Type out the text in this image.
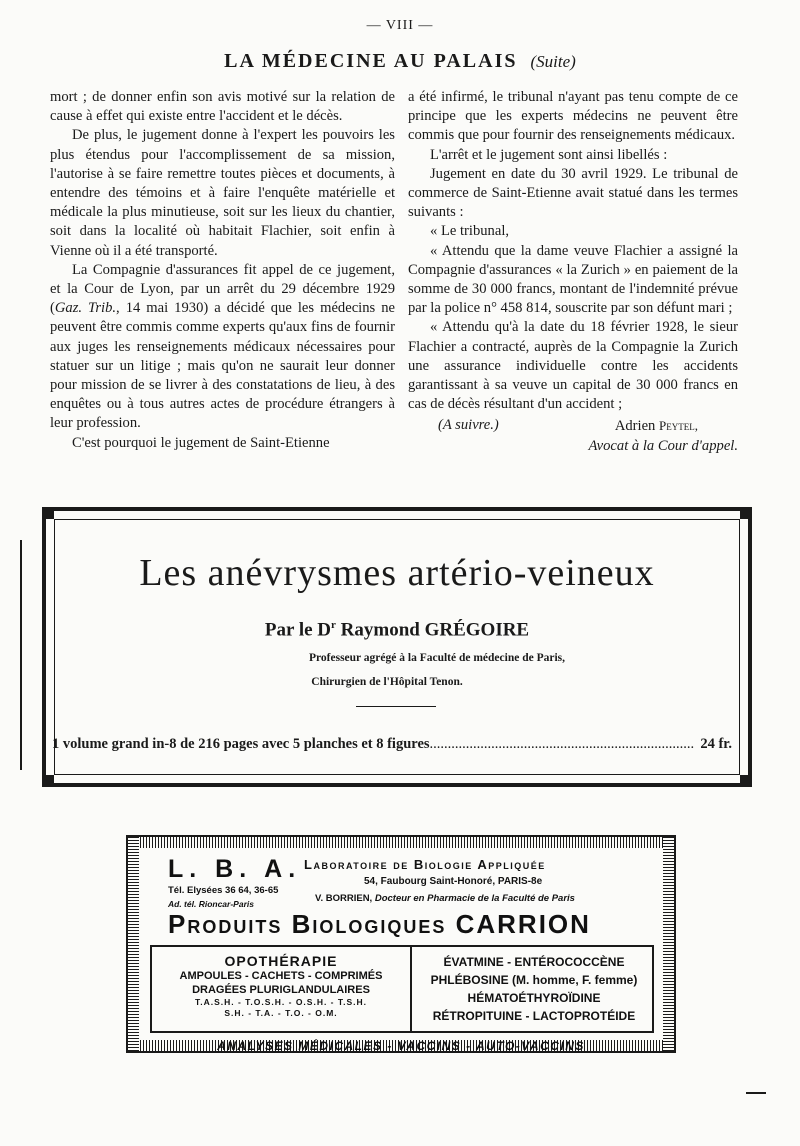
— VIII —
LA MÉDECINE AU PALAIS (Suite)

mort ; de donner enfin son avis motivé sur la relation de cause à effet qui existe entre l'accident et le décès.

De plus, le jugement donne à l'expert les pouvoirs les plus étendus pour l'accomplissement de sa mission, l'autorise à se faire remettre toutes pièces et documents, à entendre des témoins et à faire l'enquête matérielle et médicale la plus minutieuse, soit sur les lieux du chantier, soit dans la localité où habitait Flachier, soit enfin à Vienne où il a été transporté.

La Compagnie d'assurances fit appel de ce jugement, et la Cour de Lyon, par un arrêt du 29 décembre 1929 (Gaz. Trib., 14 mai 1930) a décidé que les médecins ne peuvent être commis comme experts qu'aux fins de fournir aux juges les renseignements médicaux nécessaires pour statuer sur un litige ; mais qu'on ne saurait leur donner pour mission de se livrer à des constatations de lieu, à des enquêtes ou à tous autres actes de procédure étrangers à leur profession.

C'est pourquoi le jugement de Saint-Etienne

a été infirmé, le tribunal n'ayant pas tenu compte de ce principe que les experts médecins ne peuvent être commis que pour fournir des renseignements médicaux.

L'arrêt et le jugement sont ainsi libellés :

Jugement en date du 30 avril 1929. Le tribunal de commerce de Saint-Etienne avait statué dans les termes suivants :

« Le tribunal,

« Attendu que la dame veuve Flachier a assigné la Compagnie d'assurances « la Zurich » en paiement de la somme de 30 000 francs, montant de l'indemnité prévue par la police n° 458 814, souscrite par son défunt mari ;

« Attendu qu'à la date du 18 février 1928, le sieur Flachier a contracté, auprès de la Compagnie la Zurich une assurance individuelle contre les accidents garantissant à sa veuve un capital de 30 000 francs en cas de décès résultant d'un accident ;

(A suivre.)	Adrien Peytel,
Avocat à la Cour d'appel.
Les anévrysmes artério-veineux
Par le $D^r$ Raymond GRÉGOIRE
Professeur agrégé à la Faculté de médecine de Paris,
Chirurgien de l'Hôpital Tenon.
1 volume grand in-8 de 216 pages avec 5 planches et 8 figures .....	24 fr.
L. B. A.
Tél. Elysées 36 64, 36-65
Ad. tél. Rioncar-Paris
Laboratoire de Biologie Appliquée
54, Faubourg Saint-Honoré, PARIS-8e
V. BORRIEN, Docteur en Pharmacie de la Faculté de Paris
Produits Biologiques CARRION
OPOTHÉRAPIE
AMPOULES - CACHETS - COMPRIMÉS
DRAGÉES PLURIGLANDULAIRES
T.A.S.H. - T.O.S.H. - O.S.H. - T.S.H.
S.H. - T.A. - T.O. - O.M.
ÉVATMINE - ENTÉROCOCCÈNE
PHLÉBOSINE (M. homme, F. femme)
HÉMATOÉTHYROÏDINE
RÉTROPITUINE - LACTOPROTÉIDE
ANALYSES MÉDICALES - VACCINS - AUTO-VACCINS
